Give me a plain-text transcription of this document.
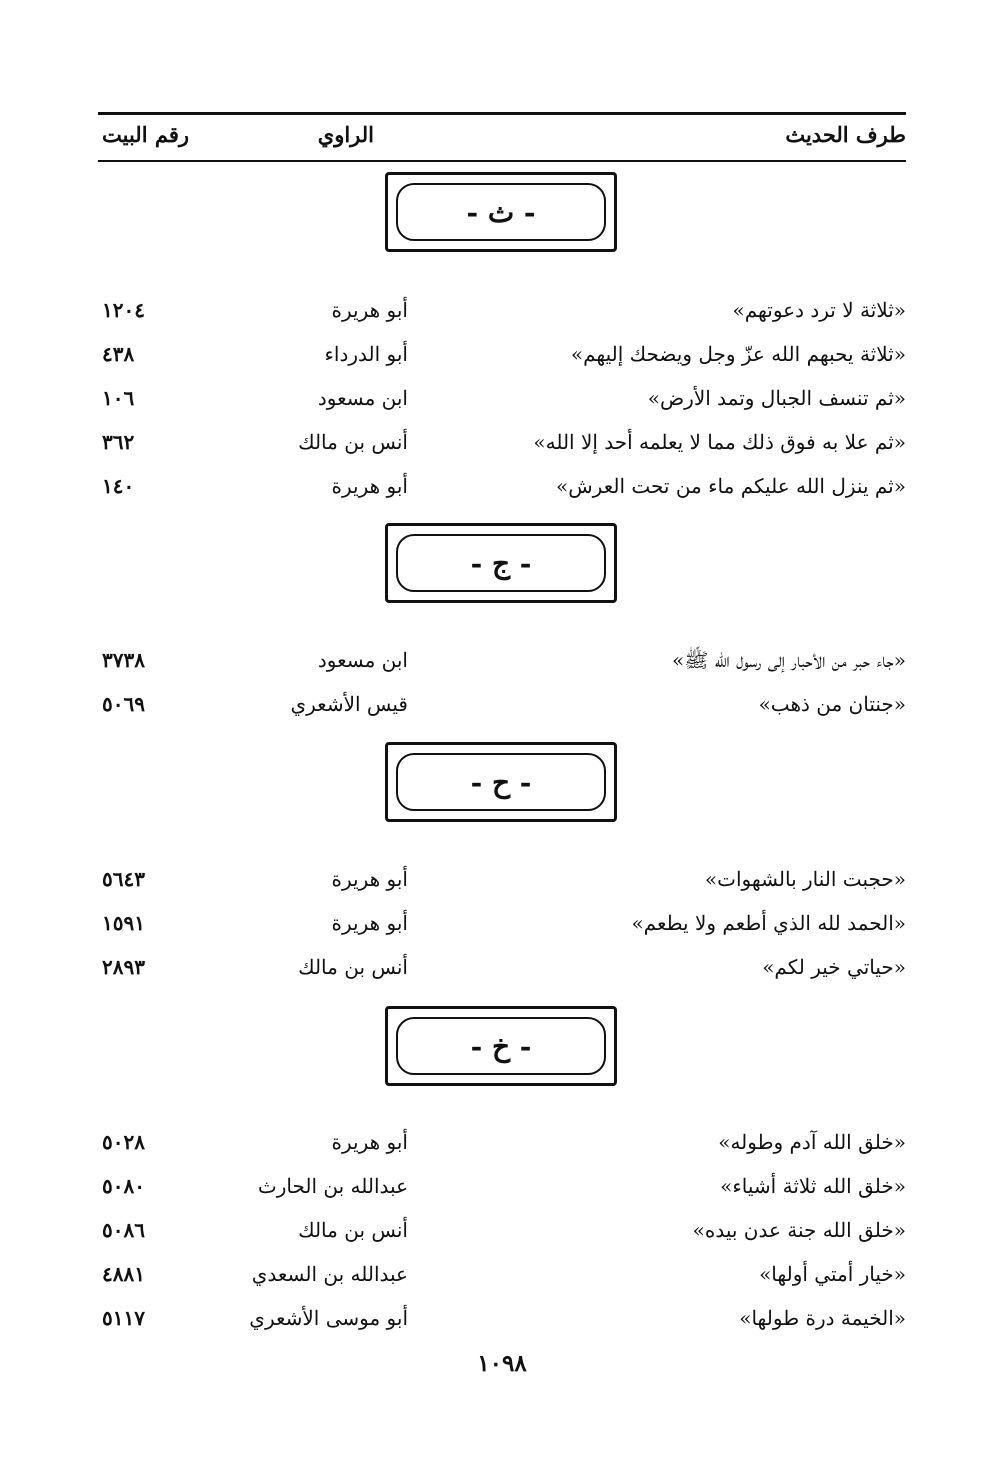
طرف الحديث
الراوي
رقم البيت
- ث -
«ثلاثة لا ترد دعوتهم»
أبو هريرة
١٢٠٤
«ثلاثة يحبهم الله عزّ وجل ويضحك إليهم»
أبو الدرداء
٤٣٨
«ثم تنسف الجبال وتمد الأرض»
ابن مسعود
١٠٦
«ثم علا به فوق ذلك مما لا يعلمه أحد إلا الله»
أنس بن مالك
٣٦٢
«ثم ينزل الله عليكم ماء من تحت العرش»
أبو هريرة
١٤٠
- ج -
«جاء حبر من الأحبار إلى رسول الله ﷺ»
ابن مسعود
٣٧٣٨
«جنتان من ذهب»
قيس الأشعري
٥٠٦٩
- ح -
«حجبت النار بالشهوات»
أبو هريرة
٥٦٤٣
«الحمد لله الذي أطعم ولا يطعم»
أبو هريرة
١٥٩١
«حياتي خير لكم»
أنس بن مالك
٢٨٩٣
- خ -
«خلق الله آدم وطوله»
أبو هريرة
٥٠٢٨
«خلق الله ثلاثة أشياء»
عبدالله بن الحارث
٥٠٨٠
«خلق الله جنة عدن بيده»
أنس بن مالك
٥٠٨٦
«خيار أمتي أولها»
عبدالله بن السعدي
٤٨٨١
«الخيمة درة طولها»
أبو موسى الأشعري
٥١١٧
١٠٩٨
